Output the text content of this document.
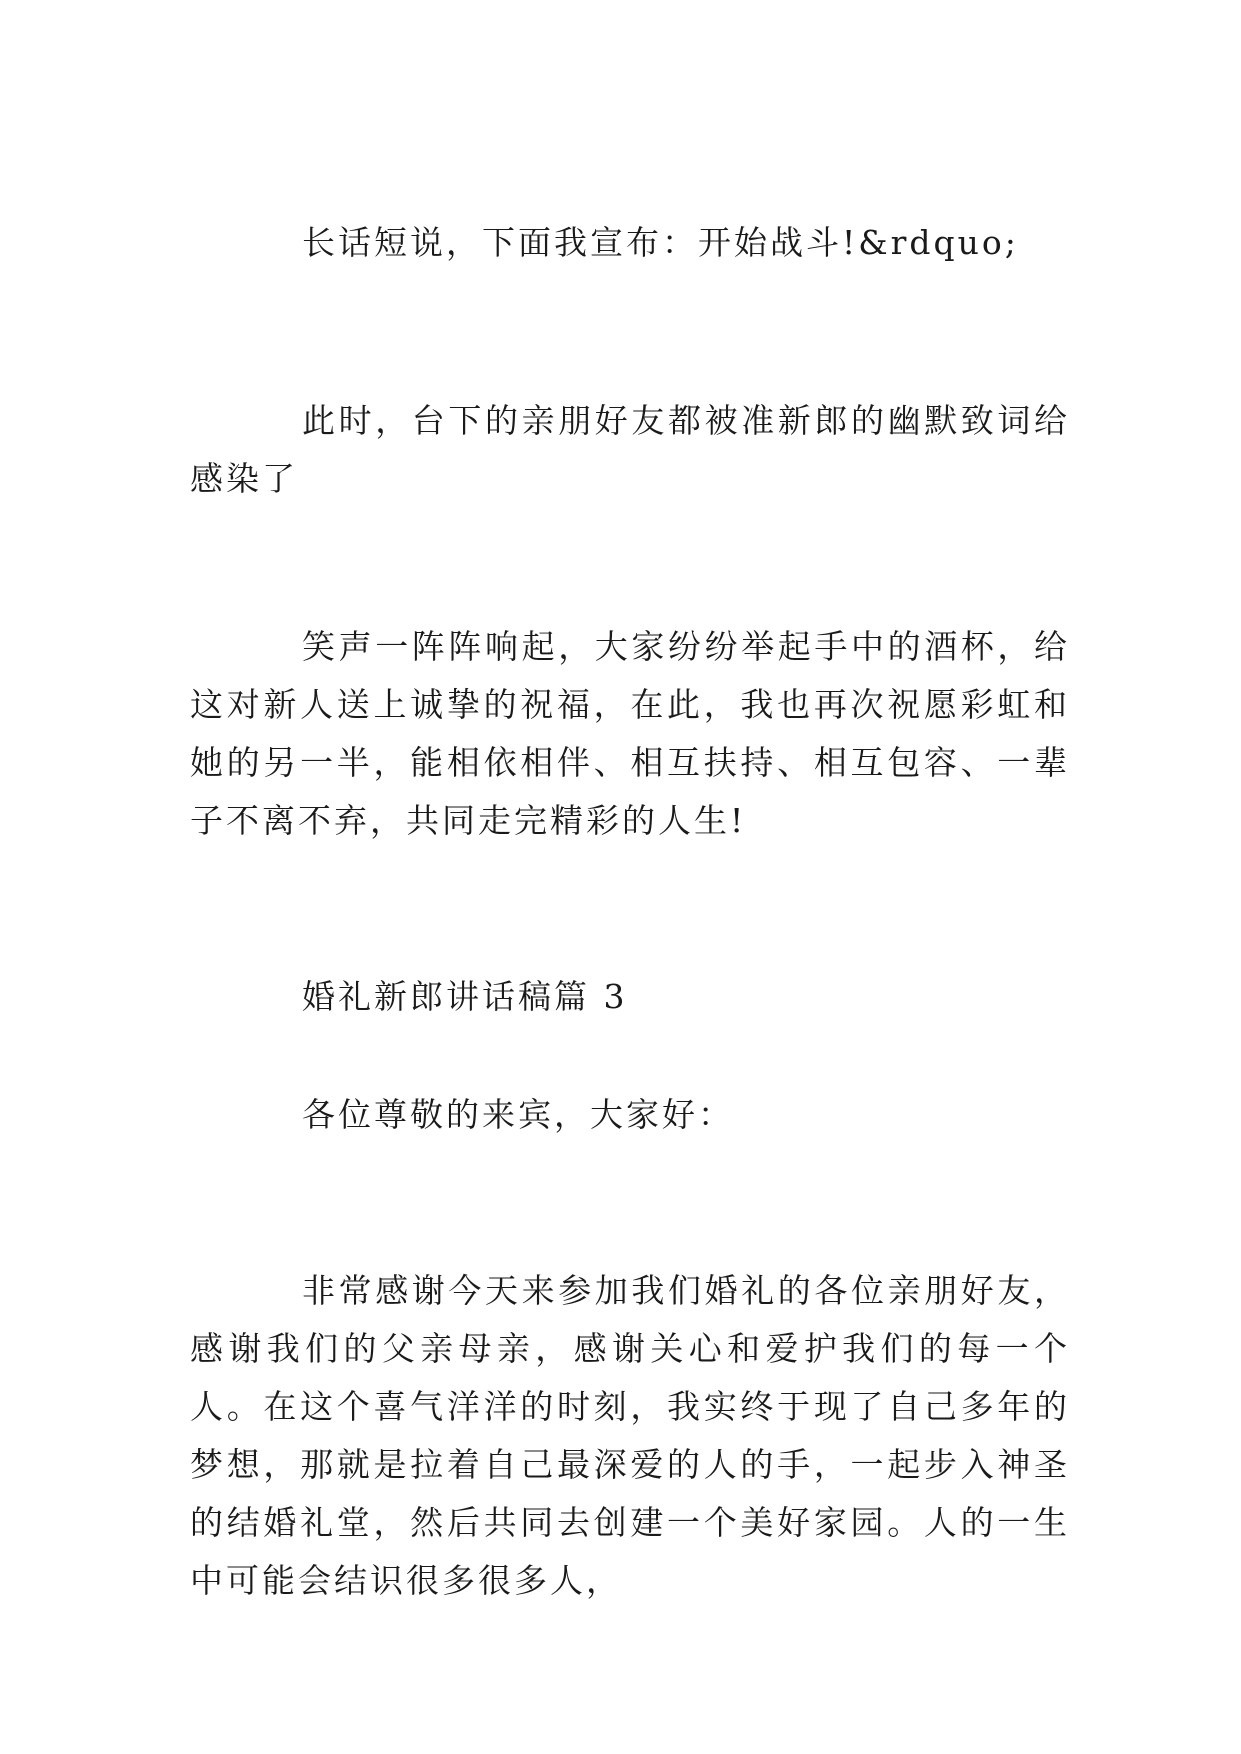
长话短说，下面我宣布：开始战斗!&rdquo;

此时，台下的亲朋好友都被准新郎的幽默致词给感染了

笑声一阵阵响起，大家纷纷举起手中的酒杯，给这对新人送上诚挚的祝福，在此，我也再次祝愿彩虹和她的另一半，能相依相伴、相互扶持、相互包容、一辈子不离不弃，共同走完精彩的人生!

婚礼新郎讲话稿篇 3

各位尊敬的来宾，大家好：

非常感谢今天来参加我们婚礼的各位亲朋好友，感谢我们的父亲母亲，感谢关心和爱护我们的每一个人。在这个喜气洋洋的时刻，我实终于现了自己多年的梦想，那就是拉着自己最深爱的人的手，一起步入神圣的结婚礼堂，然后共同去创建一个美好家园。人的一生中可能会结识很多很多人，
